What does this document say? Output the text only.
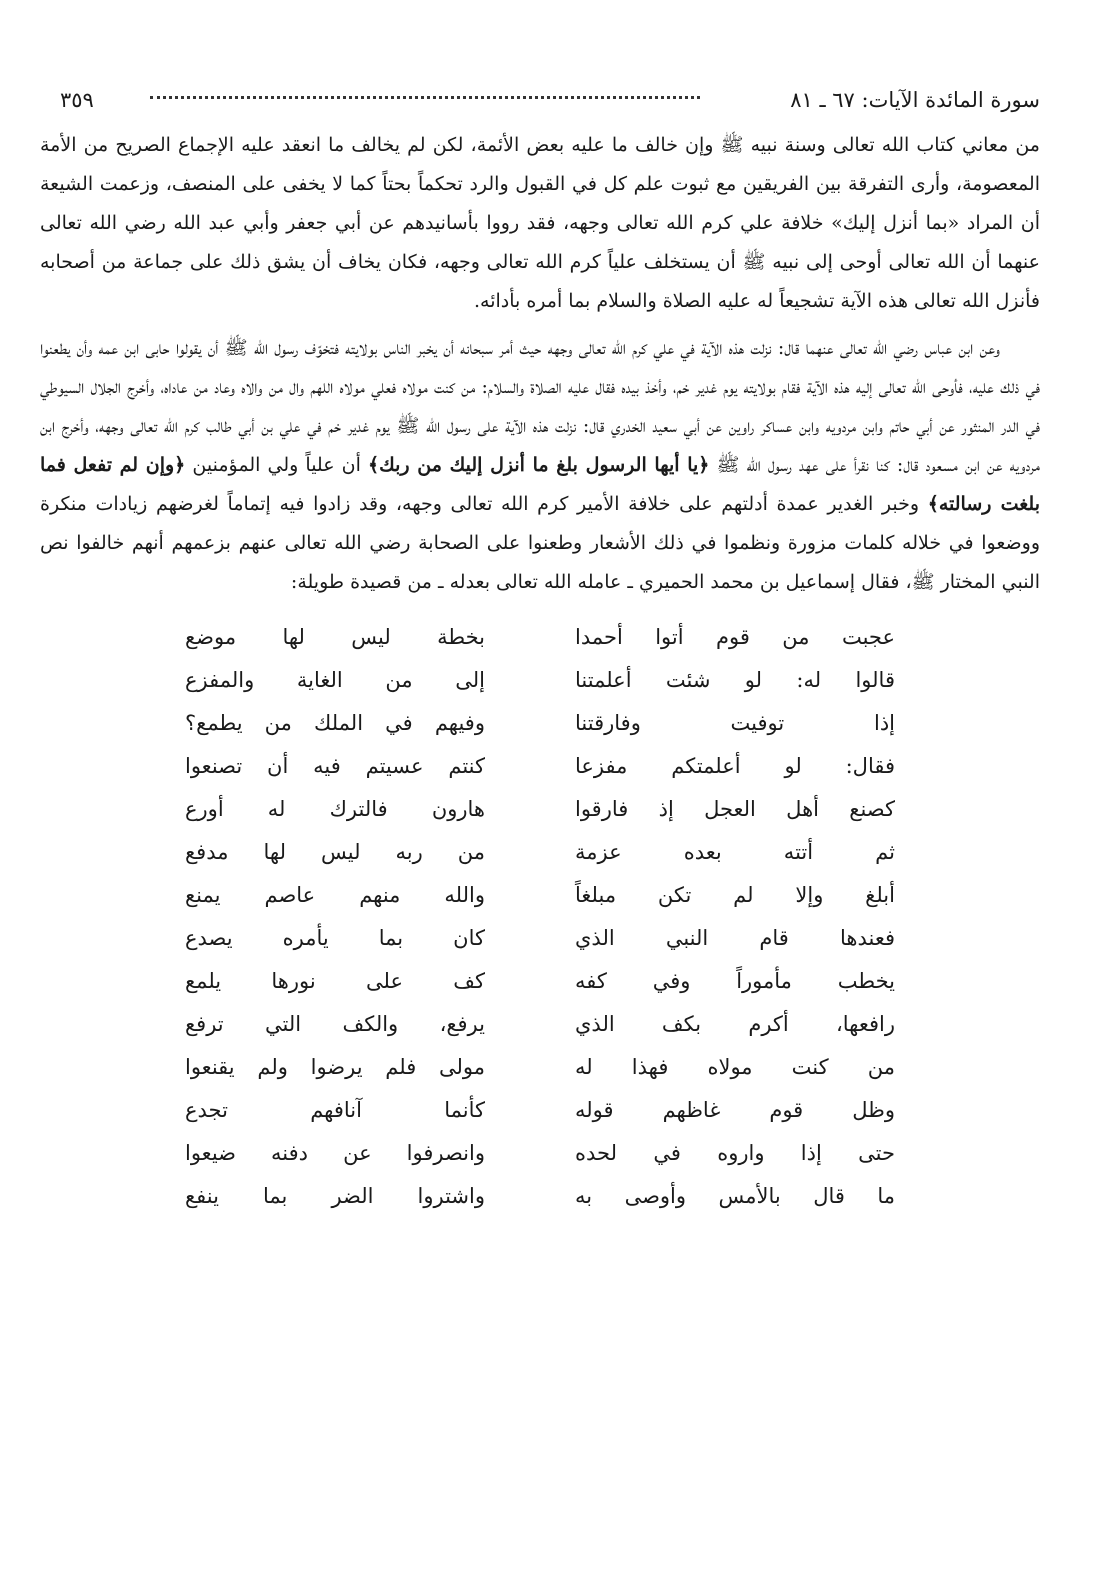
سورة المائدة الآيات: ٦٧ ـ ٨١
٣٥٩

من معاني كتاب الله تعالى وسنة نبيه ﷺ وإن خالف ما عليه بعض الأئمة، لكن لم يخالف ما انعقد عليه الإجماع الصريح من الأمة المعصومة، وأرى التفرقة بين الفريقين مع ثبوت علم كل في القبول والرد تحكماً بحتاً كما لا يخفى على المنصف، وزعمت الشيعة أن المراد «بما أنزل إليك» خلافة علي كرم الله تعالى وجهه، فقد رووا بأسانيدهم عن أبي جعفر وأبي عبد الله رضي الله تعالى عنهما أن الله تعالى أوحى إلى نبيه ﷺ أن يستخلف علياً كرم الله تعالى وجهه، فكان يخاف أن يشق ذلك على جماعة من أصحابه فأنزل الله تعالى هذه الآية تشجيعاً له عليه الصلاة والسلام بما أمره بأدائه.

وعن ابن عباس رضي الله تعالى عنهما قال: نزلت هذه الآية في علي كرم الله تعالى وجهه حيث أمر سبحانه أن يخبر الناس بولايته فتخوّف رسول الله ﷺ أن يقولوا حابى ابن عمه وأن يطعنوا في ذلك عليه، فأوحى الله تعالى إليه هذه الآية فقام بولايته يوم غدير خم، وأخذ بيده فقال عليه الصلاة والسلام: من كنت مولاه فعلي مولاه اللهم وال من والاه وعاد من عاداه، وأخرج الجلال السيوطي في الدر المنثور عن أبي حاتم وابن مردويه وابن عساكر راوين عن أبي سعيد الخدري قال: نزلت هذه الآية على رسول الله ﷺ يوم غدير خم في علي بن أبي طالب كرم الله تعالى وجهه، وأخرج ابن مردويه عن ابن مسعود قال: كنا نقرأ على عهد رسول الله ﷺ ﴿يا أيها الرسول بلغ ما أنزل إليك من ربك﴾ أن علياً ولي المؤمنين ﴿وإن لم تفعل فما بلغت رسالته﴾ وخبر الغدير عمدة أدلتهم على خلافة الأمير كرم الله تعالى وجهه، وقد زادوا فيه إتماماً لغرضهم زيادات منكرة ووضعوا في خلاله كلمات مزورة ونظموا في ذلك الأشعار وطعنوا على الصحابة رضي الله تعالى عنهم بزعمهم أنهم خالفوا نص النبي المختار ﷺ، فقال إسماعيل بن محمد الحميري ـ عامله الله تعالى بعدله ـ من قصيدة طويلة:

عجبت من قوم أتوا أحمدا
بخطة ليس لها موضع
قالوا له: لو شئت أعلمتنا
إلى من الغاية والمفزع
إذا توفيت وفارقتنا
وفيهم في الملك من يطمع؟
فقال: لو أعلمتكم مفزعا
كنتم عسيتم فيه أن تصنعوا
كصنع أهل العجل إذ فارقوا
هارون فالترك له أورع
ثم أتته بعده عزمة
من ربه ليس لها مدفع
أبلغ وإلا لم تكن مبلغاً
والله منهم عاصم يمنع
فعندها قام النبي الذي
كان بما يأمره يصدع
يخطب مأموراً وفي كفه
كف على نورها يلمع
رافعها، أكرم بكف الذي
يرفع، والكف التي ترفع
من كنت مولاه فهذا له
مولى فلم يرضوا ولم يقنعوا
وظل قوم غاظهم قوله
كأنما آنافهم تجدع
حتى إذا واروه في لحده
وانصرفوا عن دفنه ضيعوا
ما قال بالأمس وأوصى به
واشتروا الضر بما ينفع
